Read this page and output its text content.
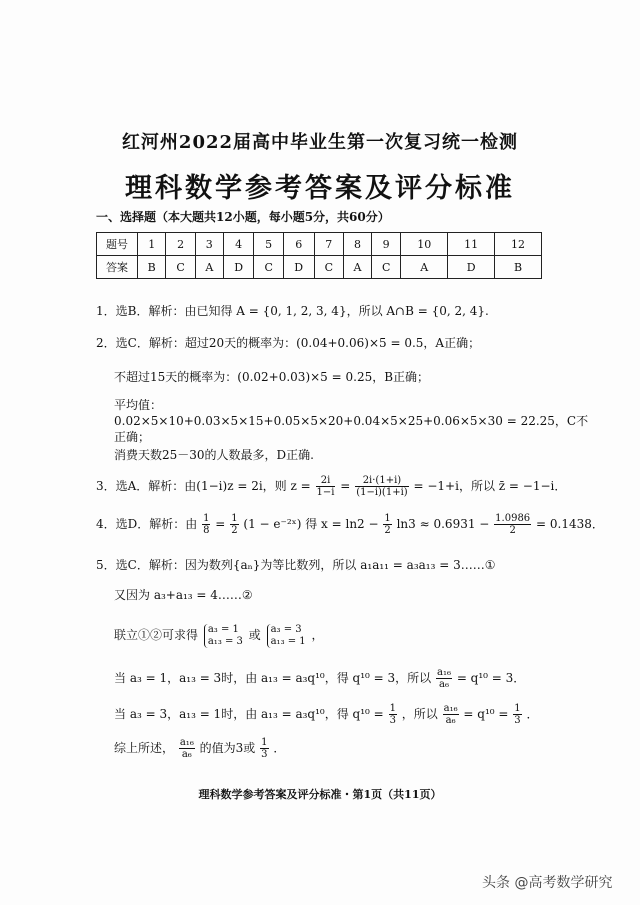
红河州2022届高中毕业生第一次复习统一检测
理科数学参考答案及评分标准
一、选择题（本大题共12小题，每小题5分，共60分）
题号	1	2	3	4	5	6	7	8	9	10	11	12
答案	B	C	A	D	C	D	C	A	C	A	D	B
1．选B．解析：由已知得 A = {0, 1, 2, 3, 4}，所以 A∩B = {0, 2, 4}.
2．选C．解析：超过20天的概率为：(0.04+0.06)×5 = 0.5，A正确；
不超过15天的概率为：(0.02+0.03)×5 = 0.25，B正确；
平均值：
0.02×5×10+0.03×5×15+0.05×5×20+0.04×5×25+0.06×5×30 = 22.25，C不
正确；
消费天数25－30的人数最多，D正确.
3．选A．解析：由(1−i)z = 2i，则 $z = \frac{2i}{1-i} = \frac{2i\cdot(1+i)}{(1-i)(1+i)} = -1+i$，所以 z̄ = −1−i．
4．选D．解析：由 $\frac{1}{8} = \frac{1}{2} (1$ − e⁻²ˣ) 得 $x = \ln 2 - \frac{1}{2} \ln 3 \approx 0.6931 - \frac{1.0986}{2} = 0.1438$．
5．选C．解析：因为数列{aₙ}为等比数列，所以 a₁a₁₁ = a₃a₁₃ = 3……①
又因为 a₃+a₁₃ = 4……②
联立①②可求得 a₃ = 1
a₁₃ = 3 或 a₃ = 3
a₁₃ = 1 ，
当 a₃ = 1，a₁₃ = 3时，由 a₁₃ = a₃q¹⁰，得 q¹⁰ = 3，所以 $\frac{\text{a₁₆}}{\text{a₆}} = q^{10} = 3$．
当 a₃ = 3，a₁₃ = 1时，由 a₁₃ = a₃q¹⁰，得 $q^{10} = \frac{1}{3}$ ，所以 $\frac{\text{a₁₆}}{\text{a₆}} = q^{10} = \frac{1}{3}$ ．
综上所述， $\frac{\text{a₁₆}}{\text{a₆}}$ 的值为3或 $\frac{1}{3}$ ．
理科数学参考答案及评分标准・第1页（共11页）
头条 @高考数学研究
